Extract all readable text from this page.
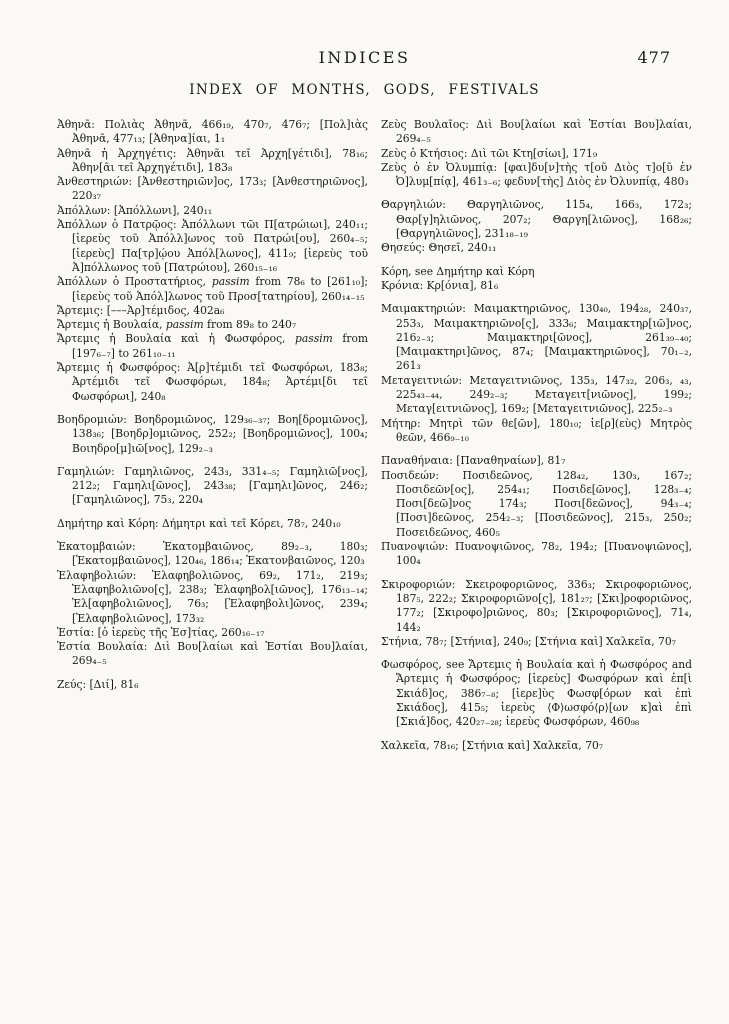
INDICES	477
INDEX OF MONTHS, GODS, FESTIVALS

Ἀθηνᾶ: Πολιὰς Ἀθηνᾶ, 466₁₉, 470₇, 476₇; [Πολ]ιὰς Ἀθηνᾶ, 477₁₃; [Ἀθηνα]ίαι, 1₁

Ἀθηνᾶ ἡ Ἀρχηγέτις: Ἀθηνᾶι τεῖ Ἀρχη[γέτιδι], 78₁₆; Ἀθην[ᾶι τεῖ Ἀρχηγέτιδι], 183₈

Ἀνθεστηριών: [Ἀνθεστηριῶν]ος, 173₃; [Ἀνθεστηριῶνος], 220₃₇

Ἀπόλλων: [Ἀπόλλωνι], 240₁₁

Ἀπόλλων ὁ Πατρῷος: Ἀπόλλωνι τῶι Π[ατρώιωι], 240₁₁; [ἱερεὺς τοῦ Ἀπόλλ]ωνος τοῦ Πατρώι[ου], 260₄₋₅; [ἱερεὺς] Πα[τρ]ῴου Ἀπόλ[λωνος], 411₉; [ἱερεὺς τοῦ Ἀ]πόλλωνος τοῦ [Πατρώιου], 260₁₅₋₁₆

Ἀπόλλων ὁ Προστατήριος, passim from 78₆ to [261₁₀]; [ἱερεὺς τοῦ Ἀπόλ]λωνος τοῦ Προσ[τατηρίου], 260₁₄₋₁₅

Ἄρτεμις: [–––Ἀρ]τέμιδος, 402a₆

Ἄρτεμις ἡ Βουλαία, passim from 89₈ to 240₇

Ἄρτεμις ἡ Βουλαία καὶ ἡ Φωσφόρος, passim from [197₆₋₇] to 261₁₀₋₁₁

Ἄρτεμις ἡ Φωσφόρος: Ἀ[ρ]τέμιδι τεῖ Φωσφόρωι, 183₈; Ἀρτέμιδι τεῖ Φωσφόρωι, 184₈; Ἀρτέμι[δι τεῖ Φωσφόρωι], 240₈

Βοηδρομιών: Βοηδρομιῶνος, 129₃₆₋₃₇; Βοη[δρομιῶνος], 138₃₆; [Βοηδρ]ομιῶνος, 252₂; [Βοηδρομιῶνος], 100₄; Βοιηδρο[μ]ιῶ[νος], 129₂₋₃

Γαμηλιών: Γαμηλιῶνος, 243₃, 331₄₋₅; Γαμηλιῶ[νος], 212₂; Γαμηλι[ῶνος], 243₃₈; [Γαμηλι]ῶνος, 246₂; [Γαμηλιῶνος], 75₃, 220₄

Δημήτηρ καὶ Κόρη: Δήμητρι καὶ τεῖ Κόρει, 78₇, 240₁₀

Ἑκατομβαιών: Ἑκατομβαιῶνος, 89₂₋₃, 180₃; [Ἑκατομβαιῶνος], 120₄₆, 186₁₄; Ἑκατονβαιῶνος, 120₃

Ἐλαφηβολιών: Ἐλαφηβολιῶνος, 69₂, 171₂, 219₃; Ἐλαφηβολιῶνο[ς], 238₃; Ἐλαφηβολ[ιῶνος], 176₁₃₋₁₄; Ἐλ[αφηβολιῶνος], 76₃; [Ἐλαφηβολι]ῶνος, 239₄; [Ἐλαφηβολιῶνος], 173₃₂

Ἑστία: [ὁ ἱερεὺς τῆς Ἑσ]τίας, 260₁₆₋₁₇

Ἑστία Βουλαία: Διὶ Βου[λαίωι καὶ Ἑστίαι Βου]λαίαι, 269₄₋₅

Ζεύς: [Διί], 81₆

Ζεὺς Βουλαῖος: Διὶ Βου[λαίωι καὶ Ἑστίαι Βου]λαίαι, 269₄₋₅

Ζεὺς ὁ Κτήσιος: Διὶ τῶι Κτη[σίωι], 171₉

Ζεὺς ὁ ἐν Ὀλυμπίᾳ: [φαι]δυ[ν]τὴς τ[οῦ Διὸς τ]ο[ῦ ἐν Ὀ]λυμ[πίᾳ], 461₃₋₆; φεδυν[τὴς] Διὸς ἐν Ὀλυνπίᾳ, 480₃

Θαργηλιών: Θαργηλιῶνος, 115₄, 166₃, 172₃; Θαρ[γ]ηλιῶνος, 207₂; Θαργη[λιῶνος], 168₂₆; [Θαργηλιῶνος], 231₁₈₋₁₉

Θησεύς: Θησεῖ, 240₁₁

Κόρη, see Δημήτηρ καὶ Κόρη

Κρόνια: Κρ[όνια], 81₆

Μαιμακτηριών: Μαιμακτηριῶνος, 130₄₀, 194₂₈, 240₃₇, 253₃, Μαιμακτηριῶνο[ς], 333₆; Μαιμακτηρ[ιῶ]νος, 216₂₋₃; Μαιμακτηρι[ῶνος], 261₃₉₋₄₀; [Μαιμακτηρι]ῶνος, 87₄; [Μαιμακτηριῶνος], 70₁₋₂, 261₃

Μεταγειτνιών: Μεταγειτνιῶνος, 135₃, 147₃₂, 206₃, ₄₃, 225₄₃₋₄₄, 249₂₋₃; Μεταγειτ[νιῶνος], 199₂; Μεταγ[ειτνιῶνος], 169₂; [Μεταγειτνιῶνος], 225₂₋₃

Μήτηρ: Μητρὶ τῶν θε[ῶν], 180₁₀; ἱε[ρ](εὺς) Μητρὸς θεῶν, 466₉₋₁₀

Παναθήναια: [Παναθηναίων], 81₇

Ποσιδεών: Ποσιδεῶνος, 128₄₂, 130₃, 167₂; Ποσιδεῶν[ος], 254₄₁; Ποσιδε[ῶνος], 128₃₋₄; Ποσι[δεῶ]νος 174₃; Ποσι[δεῶνος], 94₃₋₄; [Ποσι]δεῶνος, 254₂₋₃; [Ποσιδεῶνος], 215₃, 250₂; Ποσειδεῶνος, 460₅

Πυανοψιών: Πυανοψιῶνος, 78₂, 194₂; [Πυανοψιῶνος], 100₄

Σκιροφοριών: Σκειροφοριῶνος, 336₃; Σκιροφοριῶνος, 187₅, 222₂; Σκιροφοριῶνο[ς], 181₂₇; [Σκι]ροφοριῶνος, 177₂; [Σκιροφο]ριῶνος, 80₃; [Σκιροφοριῶνος], 71₄, 144₂

Στήνια, 78₇; [Στήνια], 240₉; [Στήνια καὶ] Χαλκεῖα, 70₇

Φωσφόρος, see Ἄρτεμις ἡ Βουλαία καὶ ἡ Φωσφόρος and Ἄρτεμις ἡ Φωσφόρος; [ἱερεὺς] Φωσφόρων καὶ ἐπ[ὶ Σκιάδ]ος, 386₇₋₈; [ἱερε]ὺς Φωσφ[όρων καὶ ἐπὶ Σκιάδος], 415₅; ἱερεὺς ⟨Φ⟩ωσφό⟨ρ⟩[ων κ]αὶ ἐπὶ [Σκιά]δος, 420₂₇₋₂₈; ἱερεὺς Φωσφόρων, 460₉₈

Χαλκεῖα, 78₁₆; [Στήνια καὶ] Χαλκεῖα, 70₇
